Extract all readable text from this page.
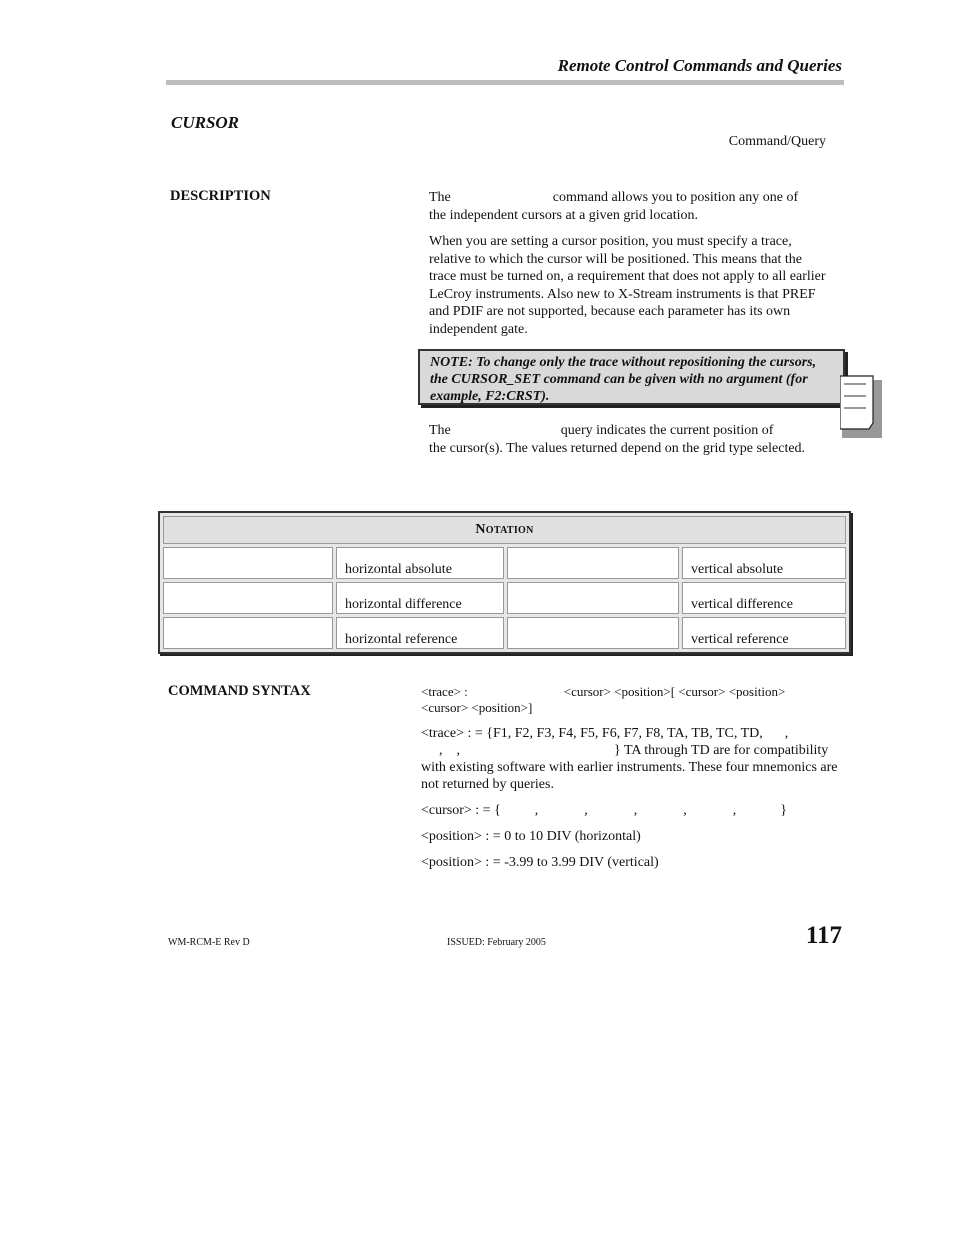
Remote Control Commands and Queries
CURSOR
Command/Query
DESCRIPTION	The	command allows you to position any one of
the independent cursors at a given grid location.

When you are setting a cursor position, you must specify a trace, relative to which the cursor will be positioned. This means that the trace must be turned on, a requirement that does not apply to all earlier LeCroy instruments. Also new to X-Stream instruments is that PREF and PDIF are not supported, because each parameter has its own independent gate.

NOTE: To change only the trace without repositioning the cursors, the CURSOR_SET command can be given with no argument (for example, F2:CRST).
The	query indicates the current position of
the cursor(s). The values returned depend on the grid type selected.
Notation			
	horizontal absolute		vertical absolute
	horizontal difference		vertical difference
	horizontal reference		vertical reference
COMMAND SYNTAX	<trace> :	<cursor> <position>[ <cursor> <position>
<cursor> <position>]

<trace> : = {F1, F2, F3, F4, F5, F6, F7, F8, TA, TB, TC, TD, ,
, ,	} TA through TD are for compatibility with existing software with earlier instruments. These four mnemonics are not returned by queries.

<cursor> : = { ,	,	,	,	,	}

<position> : = 0 to 10 DIV (horizontal)

<position> : = -3.99 to 3.99 DIV (vertical)

WM-RCM-E Rev D	ISSUED: February 2005	117
